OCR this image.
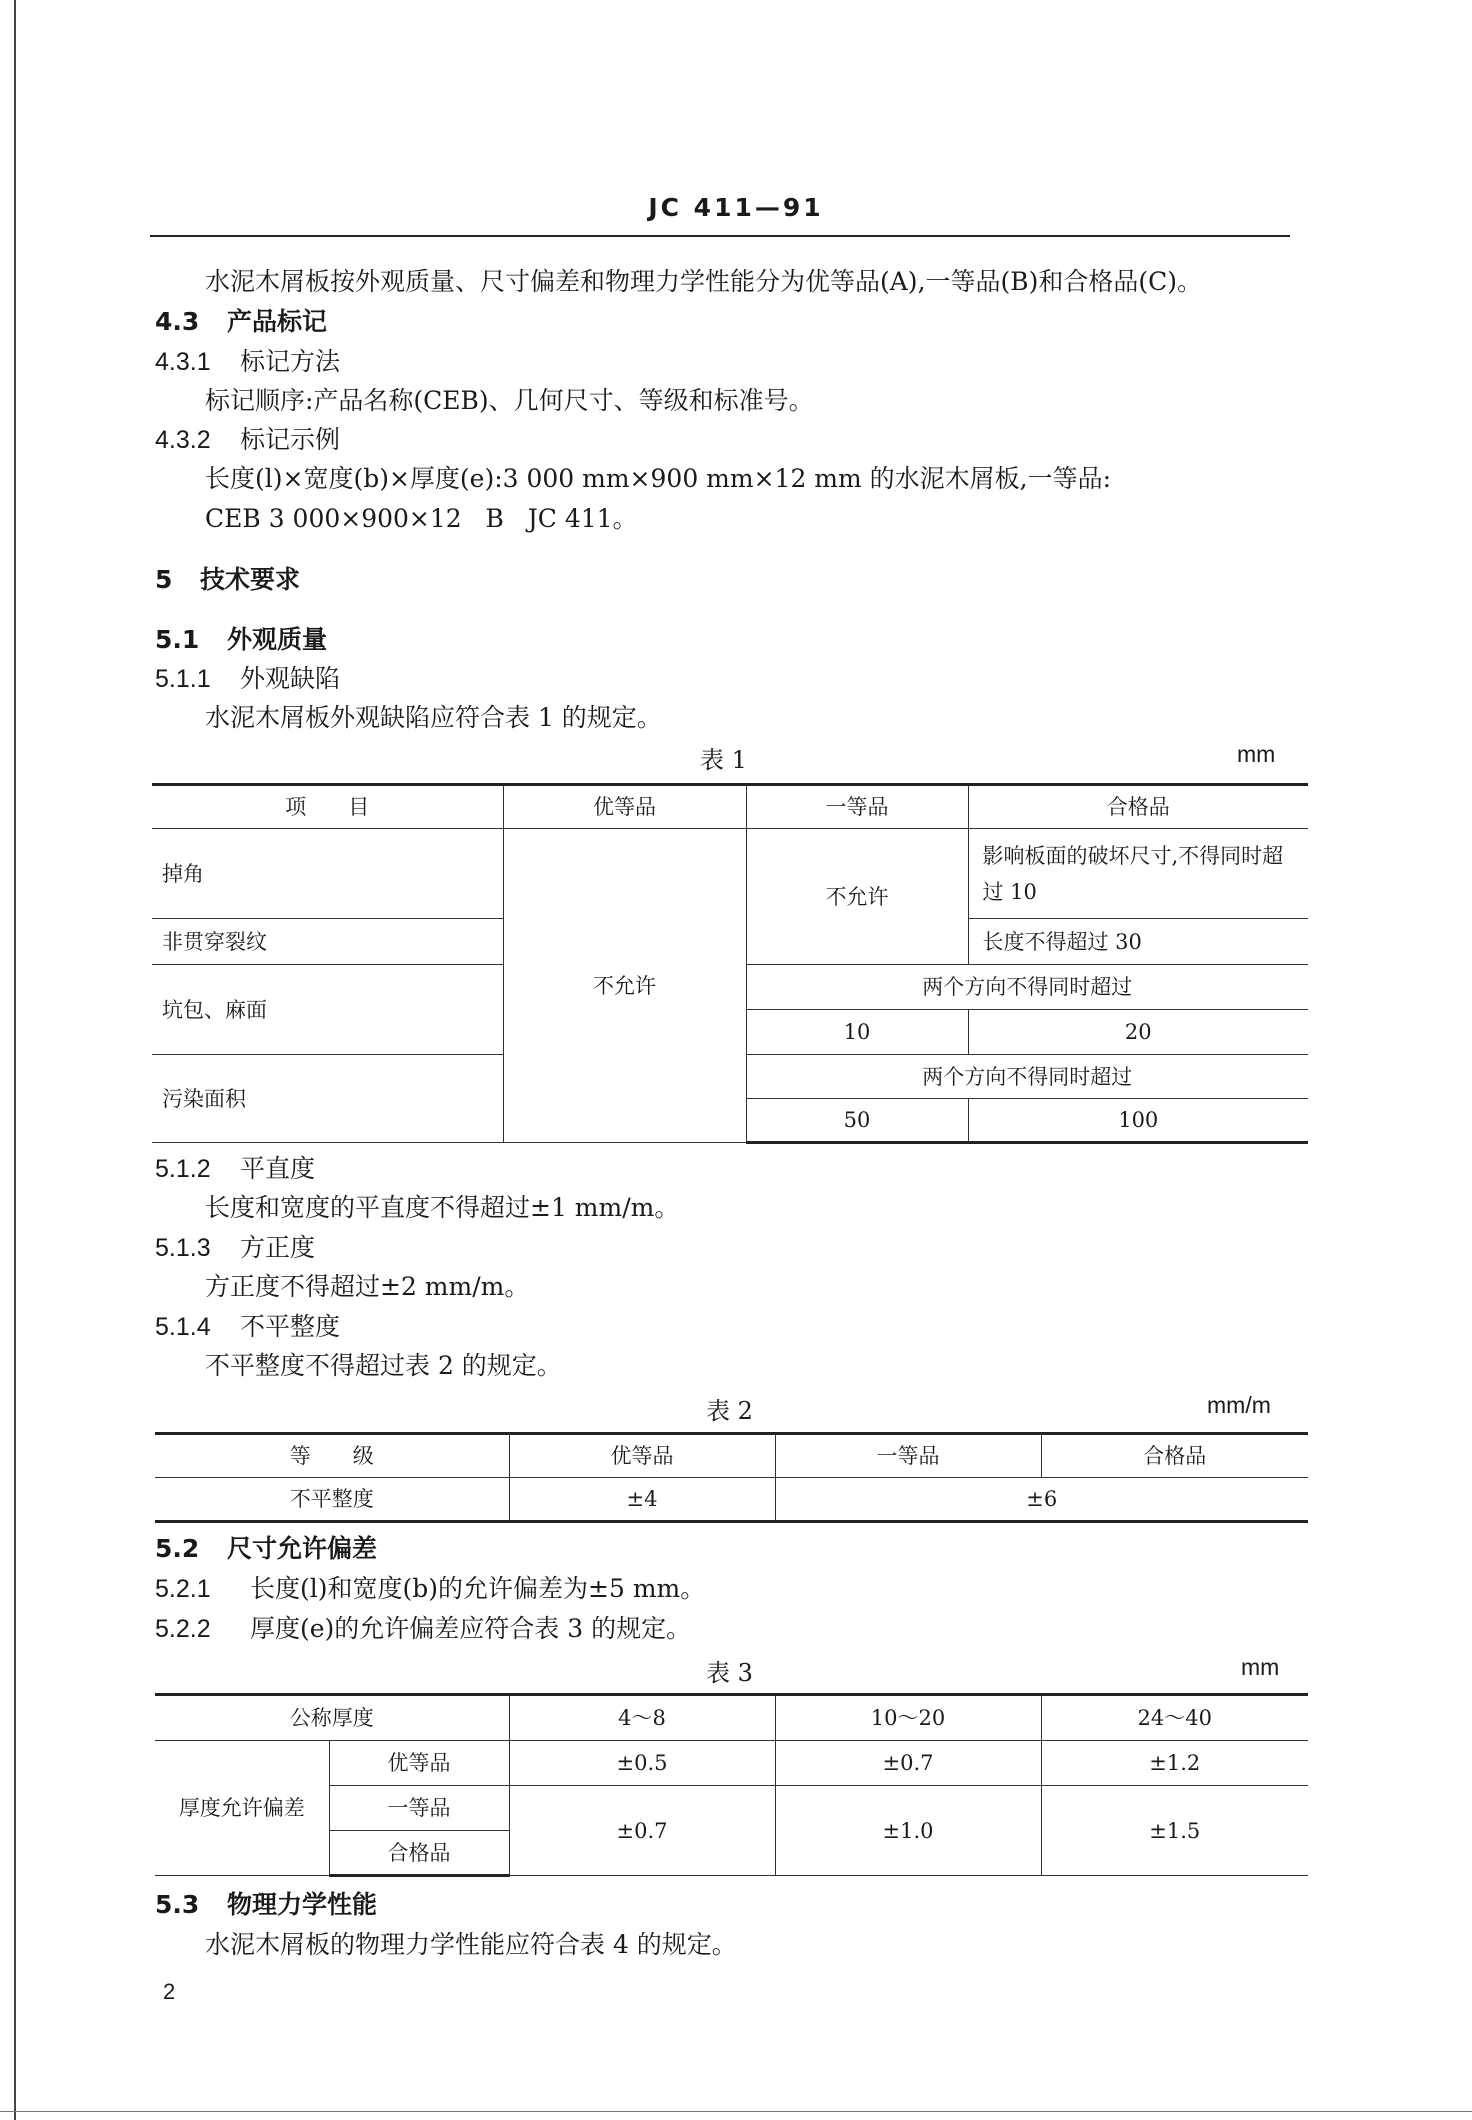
JC 411—91
水泥木屑板按外观质量、尺寸偏差和物理力学性能分为优等品(A),一等品(B)和合格品(C)。
4.3 产品标记
4.3.1 标记方法
标记顺序:产品名称(CEB)、几何尺寸、等级和标准号。
4.3.2 标记示例
长度(l)×宽度(b)×厚度(e):3 000 mm×900 mm×12 mm 的水泥木屑板,一等品:
CEB 3 000×900×12   B   JC 411。
5 技术要求
5.1 外观质量
5.1.1 外观缺陷
水泥木屑板外观缺陷应符合表 1 的规定。
表 1	mm
项　　目	优等品	一等品	合格品
掉角	不允许	不允许	影响板面的破坏尺寸,不得同时超过 10
非贯穿裂纹			长度不得超过 30
坑包、麻面		两个方向不得同时超过	
		10	20
污染面积		两个方向不得同时超过	
		50	100
5.1.2 平直度
长度和宽度的平直度不得超过±1 mm/m。
5.1.3 方正度
方正度不得超过±2 mm/m。
5.1.4 不平整度
不平整度不得超过表 2 的规定。
表 2	mm/m
等　　级	优等品	一等品	合格品
不平整度	±4	±6	
5.2 尺寸允许偏差
5.2.1 长度(l)和宽度(b)的允许偏差为±5 mm。
5.2.2 厚度(e)的允许偏差应符合表 3 的规定。
表 3	mm
公称厚度		4～8	10～20	24～40
厚度允许偏差	优等品	±0.5	±0.7	±1.2
	一等品	±0.7	±1.0	±1.5
	合格品			
5.3 物理力学性能
水泥木屑板的物理力学性能应符合表 4 的规定。
2
